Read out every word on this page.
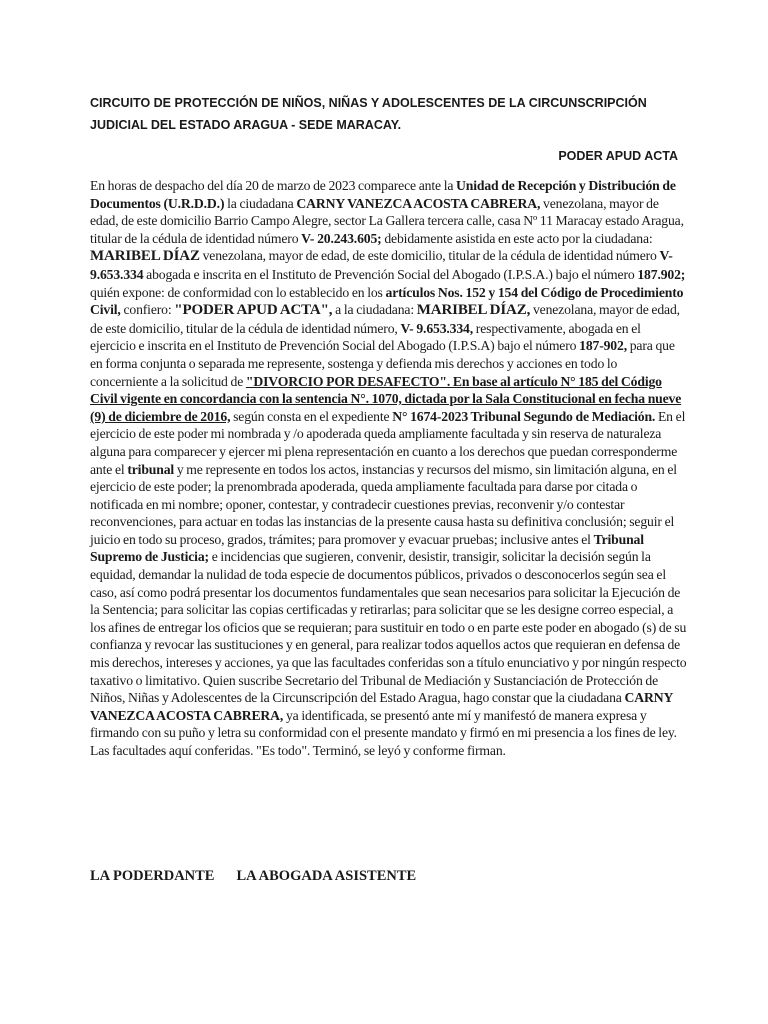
CIRCUITO DE PROTECCIÓN DE NIÑOS, NIÑAS Y ADOLESCENTES DE LA CIRCUNSCRIPCIÓN JUDICIAL DEL ESTADO ARAGUA - SEDE MARACAY.
PODER APUD ACTA
En horas de despacho del día 20 de marzo de 2023 comparece ante la Unidad de Recepción y Distribución de Documentos (U.R.D.D.) la ciudadana CARNY VANEZCA ACOSTA CABRERA, venezolana, mayor de edad, de este domicilio Barrio Campo Alegre, sector La Gallera tercera calle, casa Nº 11 Maracay estado Aragua, titular de la cédula de identidad número V- 20.243.605; debidamente asistida en este acto por la ciudadana: MARIBEL DÍAZ venezolana, mayor de edad, de este domicilio, titular de la cédula de identidad número V- 9.653.334 abogada e inscrita en el Instituto de Prevención Social del Abogado (I.P.S.A.) bajo el número 187.902; quién expone: de conformidad con lo establecido en los artículos Nos. 152 y 154 del Código de Procedimiento Civil, confiero: "PODER APUD ACTA", a la ciudadana: MARIBEL DÍAZ, venezolana, mayor de edad, de este domicilio, titular de la cédula de identidad número, V- 9.653.334, respectivamente, abogada en el ejercicio e inscrita en el Instituto de Prevención Social del Abogado (I.P.S.A) bajo el número 187-902, para que en forma conjunta o separada me represente, sostenga y defienda mis derechos y acciones en todo lo concerniente a la solicitud de "DIVORCIO POR DESAFECTO". En base al artículo N° 185 del Código Civil vigente en concordancia con la sentencia N°. 1070, dictada por la Sala Constitucional en fecha nueve (9) de diciembre de 2016, según consta en el expediente N° 1674-2023 Tribunal Segundo de Mediación. En el ejercicio de este poder mi nombrada y /o apoderada queda ampliamente facultada y sin reserva de naturaleza alguna para comparecer y ejercer mi plena representación en cuanto a los derechos que puedan corresponderme ante el tribunal y me represente en todos los actos, instancias y recursos del mismo, sin limitación alguna, en el ejercicio de este poder; la prenombrada apoderada, queda ampliamente facultada para darse por citada o notificada en mi nombre; oponer, contestar, y contradecir cuestiones previas, reconvenir y/o contestar reconvenciones, para actuar en todas las instancias de la presente causa hasta su definitiva conclusión; seguir el juicio en todo su proceso, grados, trámites; para promover y evacuar pruebas; inclusive antes el Tribunal Supremo de Justicia; e incidencias que sugieren, convenir, desistir, transigir, solicitar la decisión según la equidad, demandar la nulidad de toda especie de documentos públicos, privados o desconocerlos según sea el caso, así como podrá presentar los documentos fundamentales que sean necesarios para solicitar la Ejecución de la Sentencia; para solicitar las copias certificadas y retirarlas; para solicitar que se les designe correo especial, a los afines de entregar los oficios que se requieran; para sustituir en todo o en parte este poder en abogado (s) de su confianza y revocar las sustituciones y en general, para realizar todos aquellos actos que requieran en defensa de mis derechos, intereses y acciones, ya que las facultades conferidas son a título enunciativo y por ningún respecto taxativo o limitativo. Quien suscribe Secretario del Tribunal de Mediación y Sustanciación de Protección de Niños, Niñas y Adolescentes de la Circunscripción del Estado Aragua, hago constar que la ciudadana CARNY VANEZCA ACOSTA CABRERA, ya identificada, se presentó ante mí y manifestó de manera expresa y firmando con su puño y letra su conformidad con el presente mandato y firmó en mi presencia a los fines de ley. Las facultades aquí conferidas. "Es todo". Terminó, se leyó y conforme firman.
LA PODERDANTE LA ABOGADA ASISTENTE
